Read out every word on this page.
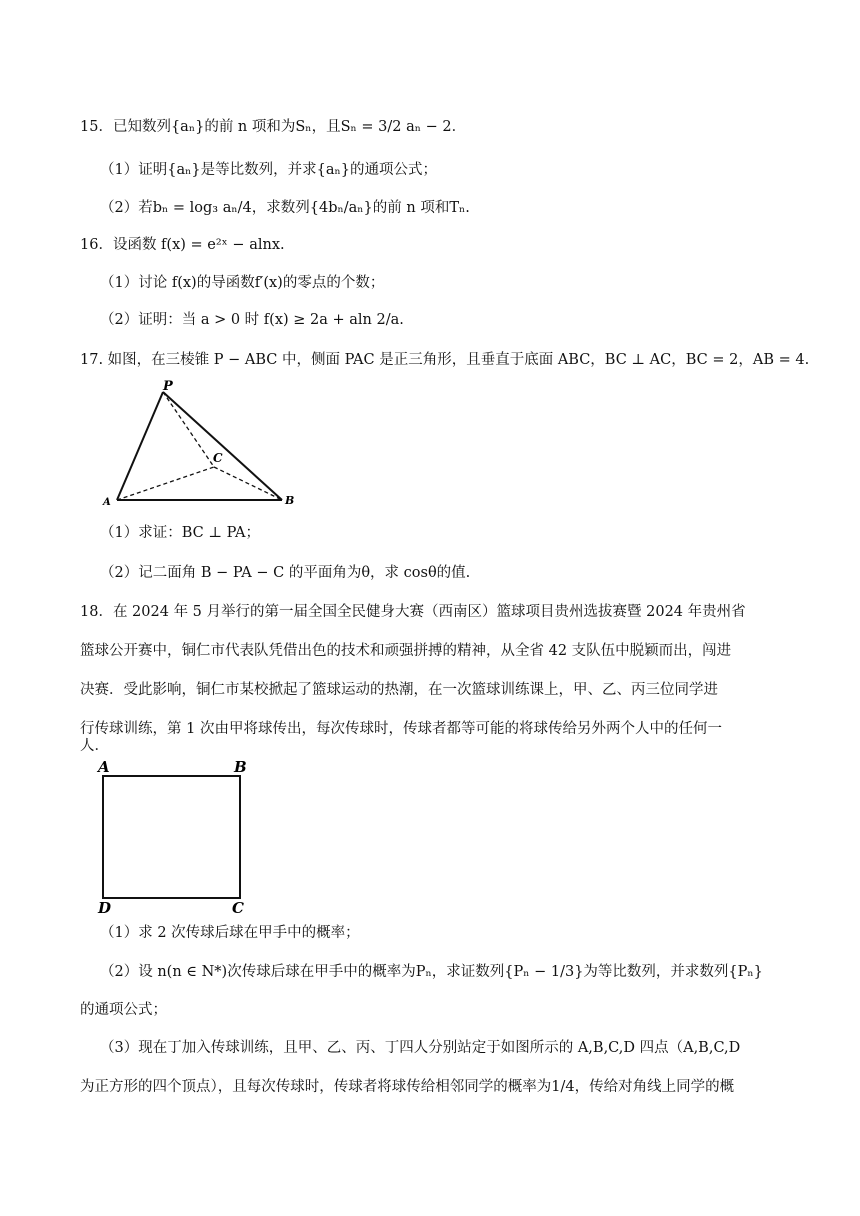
15．已知数列{aₙ}的前 n 项和为Sₙ，且Sₙ = 3/2 aₙ − 2．
（1）证明{aₙ}是等比数列，并求{aₙ}的通项公式；
（2）若bₙ = log₃ aₙ/4，求数列{4bₙ/aₙ}的前 n 项和Tₙ.
16．设函数 f(x) = e²ˣ − alnx.
（1）讨论 f(x)的导函数f′(x)的零点的个数；
（2）证明：当 a > 0 时 f(x) ≥ 2a + aln 2/a.
17. 如图，在三棱锥 P − ABC 中，侧面 PAC 是正三角形，且垂直于底面 ABC，BC ⊥ AC，BC = 2，AB = 4.
P
A	B
C
（1）求证：BC ⊥ PA；
（2）记二面角 B − PA − C 的平面角为θ，求 cosθ的值.
18．在 2024 年 5 月举行的第一届全国全民健身大赛（西南区）篮球项目贵州选拔赛暨 2024 年贵州省
篮球公开赛中，铜仁市代表队凭借出色的技术和顽强拼搏的精神，从全省 42 支队伍中脱颖而出，闯进
决赛．受此影响，铜仁市某校掀起了篮球运动的热潮，在一次篮球训练课上，甲、乙、丙三位同学进
行传球训练，第 1 次由甲将球传出，每次传球时，传球者都等可能的将球传给另外两个人中的任何一
人．
A	B
D	C
（1）求 2 次传球后球在甲手中的概率；
（2）设 n(n ∈ N*)次传球后球在甲手中的概率为Pₙ，求证数列{Pₙ − 1/3}为等比数列，并求数列{Pₙ}
的通项公式；
（3）现在丁加入传球训练，且甲、乙、丙、丁四人分别站定于如图所示的 A,B,C,D 四点（A,B,C,D
为正方形的四个顶点），且每次传球时，传球者将球传给相邻同学的概率为1/4，传给对角线上同学的概
